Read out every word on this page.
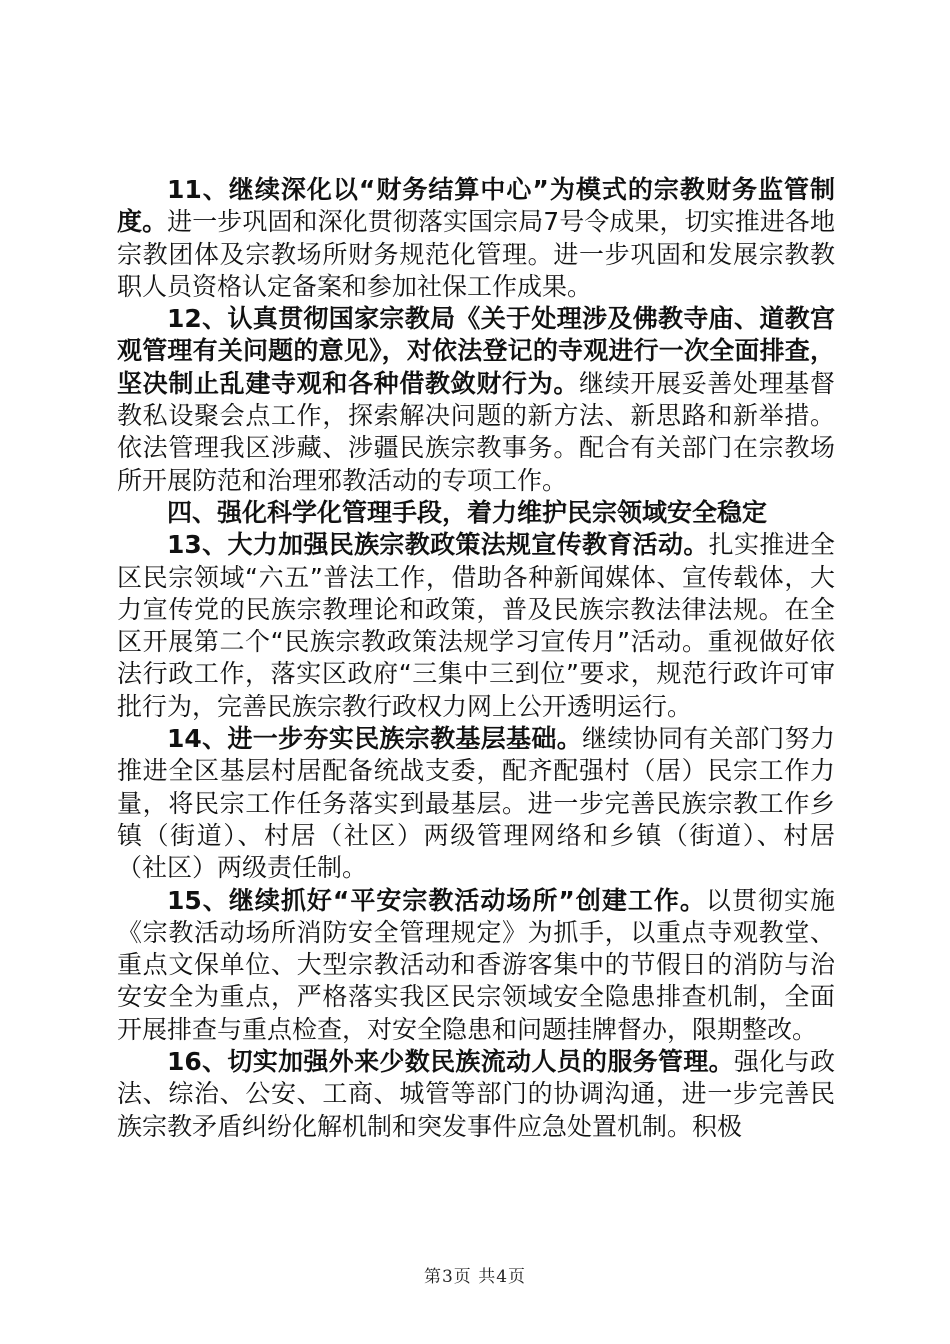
11、继续深化以“财务结算中心”为模式的宗教财务监管制度。进一步巩固和深化贯彻落实国宗局7号令成果，切实推进各地宗教团体及宗教场所财务规范化管理。进一步巩固和发展宗教教职人员资格认定备案和参加社保工作成果。

12、认真贯彻国家宗教局《关于处理涉及佛教寺庙、道教宫观管理有关问题的意见》，对依法登记的寺观进行一次全面排查，坚决制止乱建寺观和各种借教敛财行为。继续开展妥善处理基督教私设聚会点工作，探索解决问题的新方法、新思路和新举措。依法管理我区涉藏、涉疆民族宗教事务。配合有关部门在宗教场所开展防范和治理邪教活动的专项工作。

四、强化科学化管理手段，着力维护民宗领域安全稳定

13、大力加强民族宗教政策法规宣传教育活动。扎实推进全区民宗领域“六五”普法工作，借助各种新闻媒体、宣传载体，大力宣传党的民族宗教理论和政策，普及民族宗教法律法规。在全区开展第二个“民族宗教政策法规学习宣传月”活动。重视做好依法行政工作，落实区政府“三集中三到位”要求，规范行政许可审批行为，完善民族宗教行政权力网上公开透明运行。

14、进一步夯实民族宗教基层基础。继续协同有关部门努力推进全区基层村居配备统战支委，配齐配强村（居）民宗工作力量，将民宗工作任务落实到最基层。进一步完善民族宗教工作乡镇（街道）、村居（社区）两级管理网络和乡镇（街道）、村居（社区）两级责任制。

15、继续抓好“平安宗教活动场所”创建工作。以贯彻实施《宗教活动场所消防安全管理规定》为抓手，以重点寺观教堂、重点文保单位、大型宗教活动和香游客集中的节假日的消防与治安安全为重点，严格落实我区民宗领域安全隐患排查机制，全面开展排查与重点检查，对安全隐患和问题挂牌督办，限期整改。

16、切实加强外来少数民族流动人员的服务管理。强化与政法、综治、公安、工商、城管等部门的协调沟通，进一步完善民族宗教矛盾纠纷化解机制和突发事件应急处置机制。积极

第3页 共4页
